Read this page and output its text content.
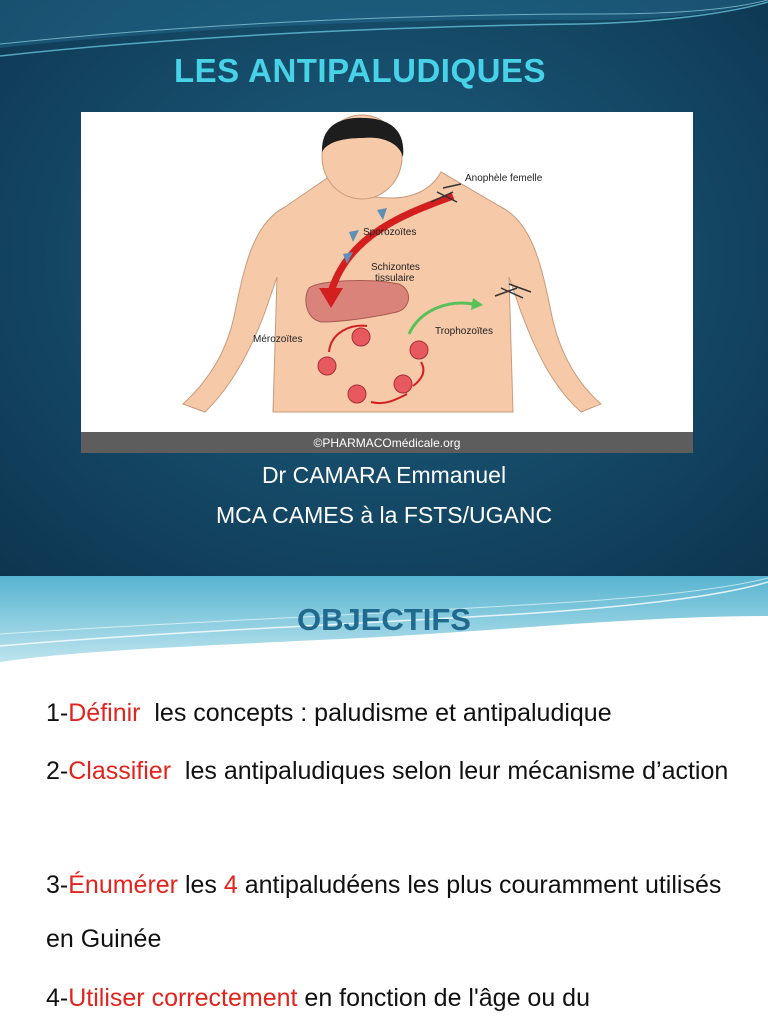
LES ANTIPALUDIQUES
Anophèle femelle
Sporozoïtes
Schizontes
tissulaire
Mérozoïtes
Trophozoïtes
©PHARMACOmédicale.org

Dr CAMARA Emmanuel

MCA CAMES à la FSTS/UGANC

OBJECTIFS

1-Définir  les concepts : paludisme et antipaludique

2-Classifier  les antipaludiques selon leur mécanisme d’action

3-Énumérer les 4 antipaludéens les plus couramment utilisés en Guinée

4-Utiliser correctement en fonction de l'âge ou du
